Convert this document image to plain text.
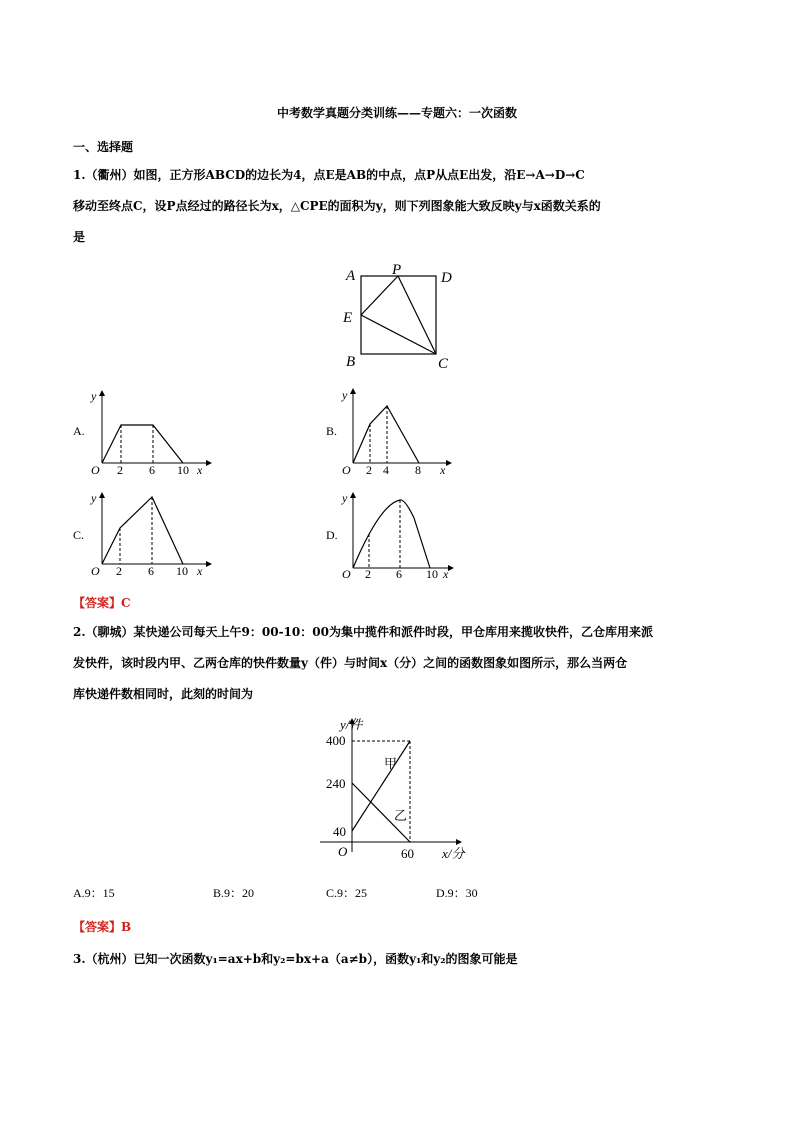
中考数学真题分类训练——专题六：一次函数
一、选择题
1.（衢州）如图，正方形ABCD的边长为4，点E是AB的中点，点P从点E出发，沿E→A→D→C
移动至终点C，设P点经过的路径长为x，△CPE的面积为y，则下列图象能大致反映y与x函数关系的
是
A P	D
E
B	C
A.
y
O 2 6 10 x
B.
y
O 2 4 8 x
C.
y
O 2 6 10 x
D.
y
O 2 6 10 x
【答案】C
2.（聊城）某快递公司每天上午9：00-10：00为集中揽件和派件时段，甲仓库用来揽收快件，乙仓库用来派
发快件，该时段内甲、乙两仓库的快件数量y（件）与时间x（分）之间的函数图象如图所示，那么当两仓
库快递件数相同时，此刻的时间为
y/件
400
240
40
O	60 x/分
甲
乙
A.9：15	B.9：20	C.9：25	D.9：30
【答案】B
3.（杭州）已知一次函数y₁=ax+b和y₂=bx+a（a≠b），函数y₁和y₂的图象可能是
